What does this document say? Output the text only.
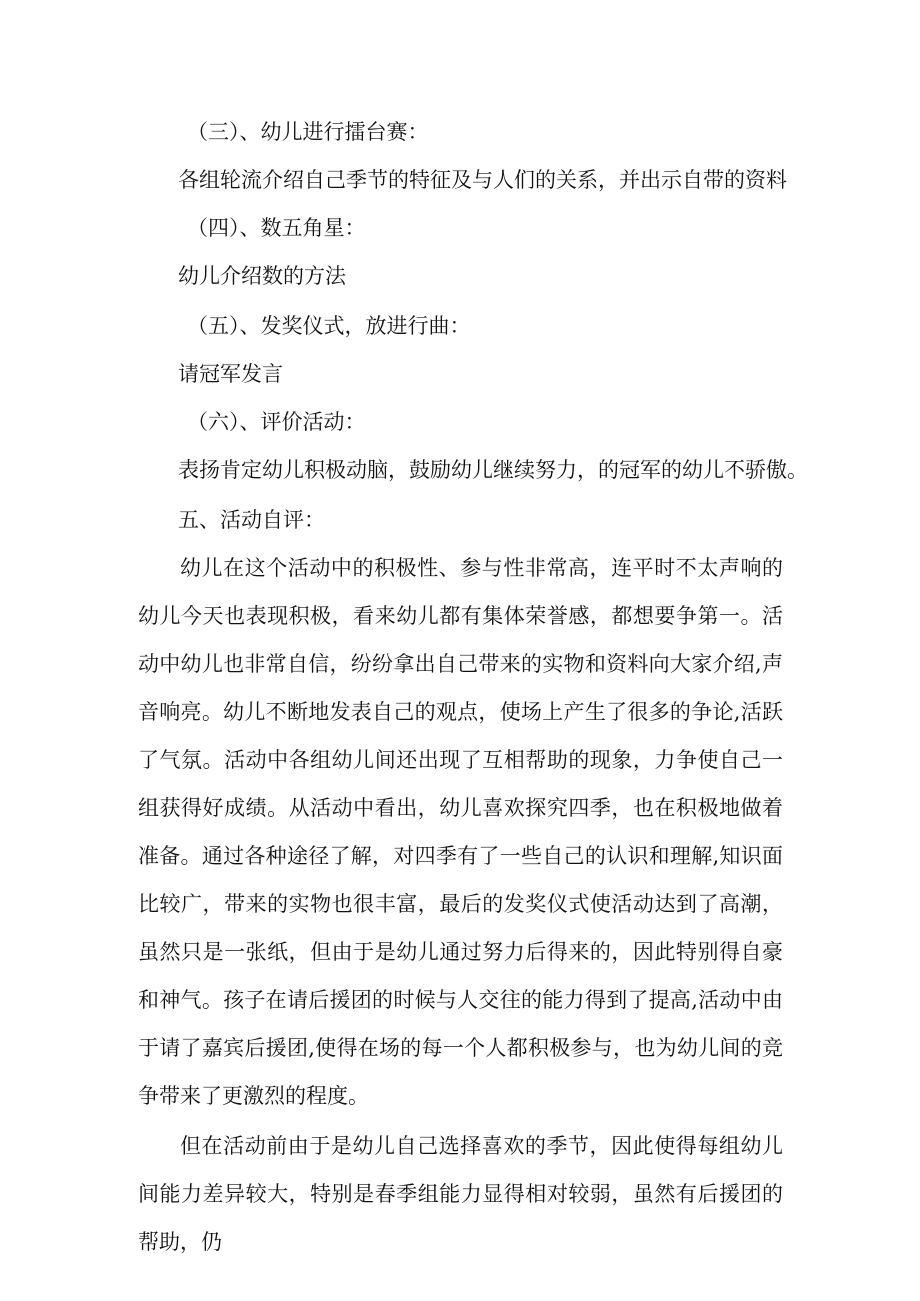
（三）、幼儿进行擂台赛：
各组轮流介绍自己季节的特征及与人们的关系，并出示自带的资料
（四）、数五角星：
幼儿介绍数的方法
（五）、发奖仪式，放进行曲：
请冠军发言
（六）、评价活动：
表扬肯定幼儿积极动脑，鼓励幼儿继续努力，的冠军的幼儿不骄傲。
五、活动自评：

幼儿在这个活动中的积极性、参与性非常高，连平时不太声响的幼儿今天也表现积极，看来幼儿都有集体荣誉感，都想要争第一。活动中幼儿也非常自信，纷纷拿出自己带来的实物和资料向大家介绍,声音响亮。幼儿不断地发表自己的观点，使场上产生了很多的争论,活跃了气氛。活动中各组幼儿间还出现了互相帮助的现象，力争使自己一组获得好成绩。从活动中看出，幼儿喜欢探究四季，也在积极地做着准备。通过各种途径了解，对四季有了一些自己的认识和理解,知识面比较广，带来的实物也很丰富，最后的发奖仪式使活动达到了高潮，虽然只是一张纸，但由于是幼儿通过努力后得来的，因此特别得自豪和神气。孩子在请后援团的时候与人交往的能力得到了提高,活动中由于请了嘉宾后援团,使得在场的每一个人都积极参与，也为幼儿间的竞争带来了更激烈的程度。

但在活动前由于是幼儿自己选择喜欢的季节，因此使得每组幼儿间能力差异较大，特别是春季组能力显得相对较弱，虽然有后援团的帮助，仍
